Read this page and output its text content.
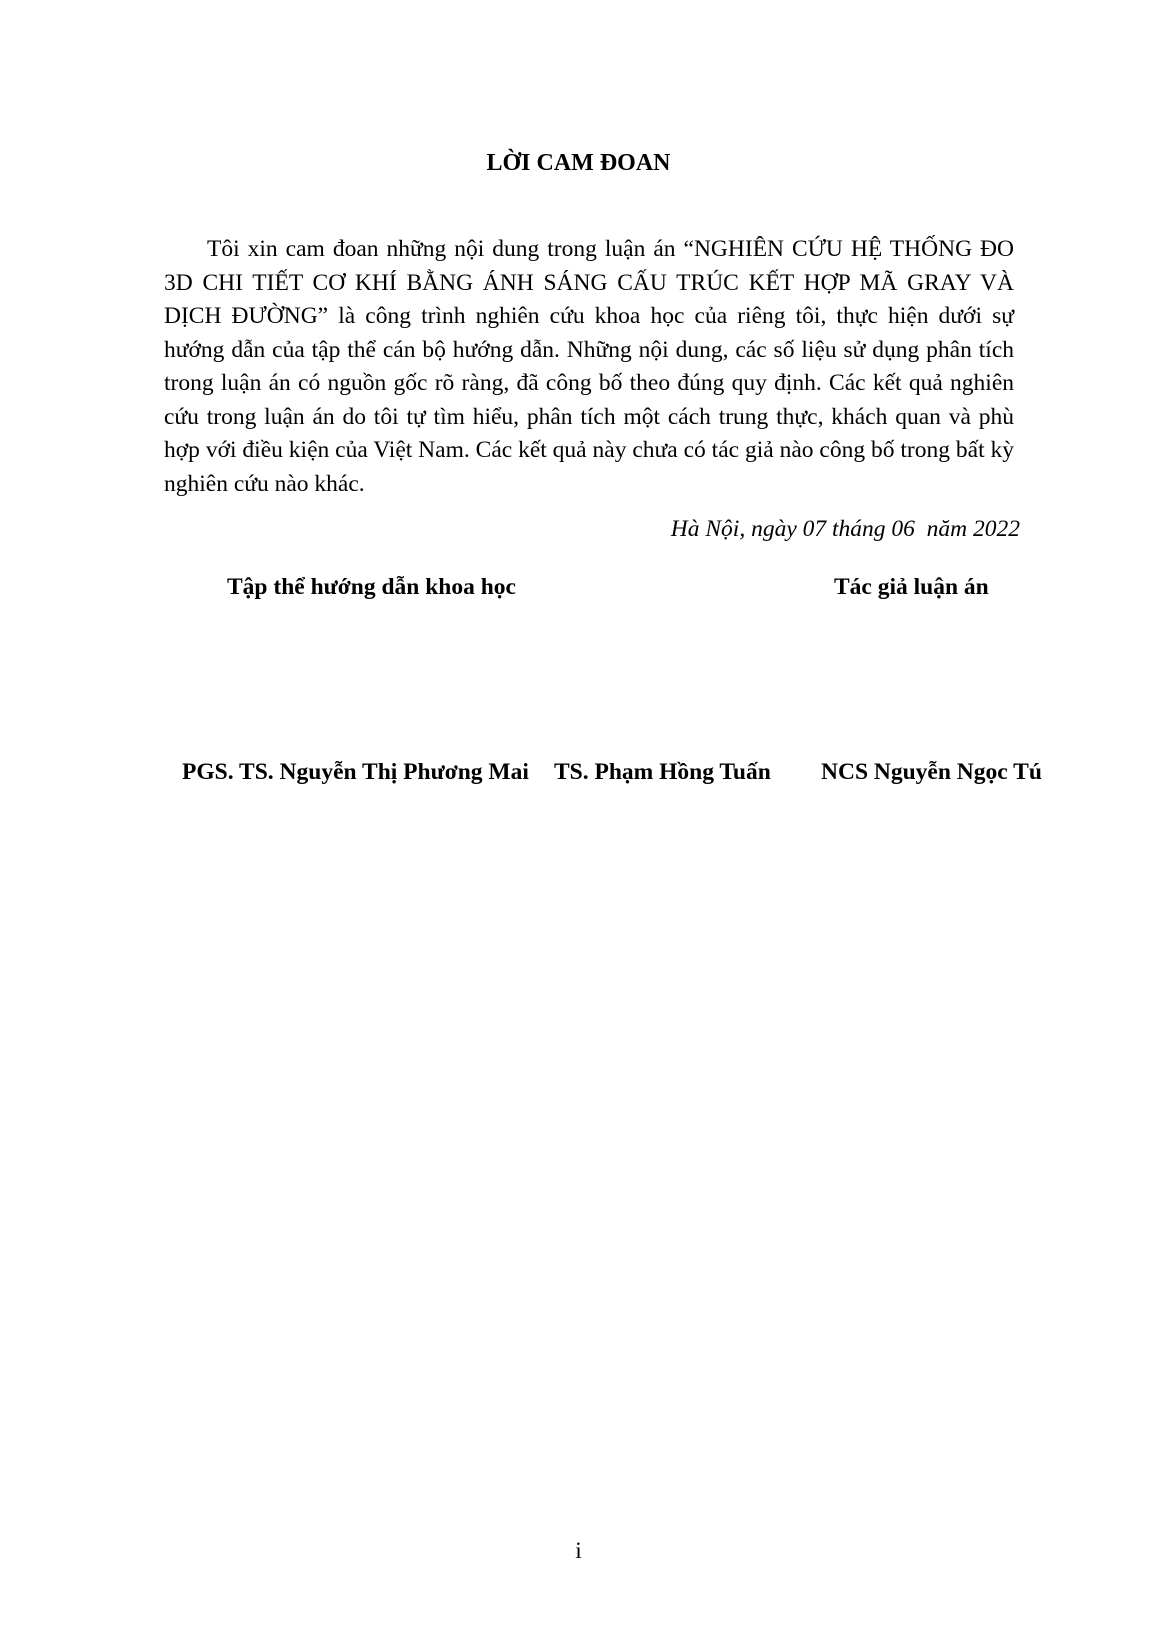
LỜI CAM ĐOAN

Tôi xin cam đoan những nội dung trong luận án “NGHIÊN CỨU HỆ THỐNG ĐO 3D CHI TIẾT CƠ KHÍ BẰNG ÁNH SÁNG CẤU TRÚC KẾT HỢP MÃ GRAY VÀ DỊCH ĐƯỜNG” là công trình nghiên cứu khoa học của riêng tôi, thực hiện dưới sự hướng dẫn của tập thể cán bộ hướng dẫn. Những nội dung, các số liệu sử dụng phân tích trong luận án có nguồn gốc rõ ràng, đã công bố theo đúng quy định. Các kết quả nghiên cứu trong luận án do tôi tự tìm hiểu, phân tích một cách trung thực, khách quan và phù hợp với điều kiện của Việt Nam. Các kết quả này chưa có tác giả nào công bố trong bất kỳ nghiên cứu nào khác.

Hà Nội, ngày 07 tháng 06  năm 2022
Tập thể hướng dẫn khoa học	Tác giả luận án
PGS. TS. Nguyễn Thị Phương Mai TS. Phạm Hồng Tuấn NCS Nguyễn Ngọc Tú
i
